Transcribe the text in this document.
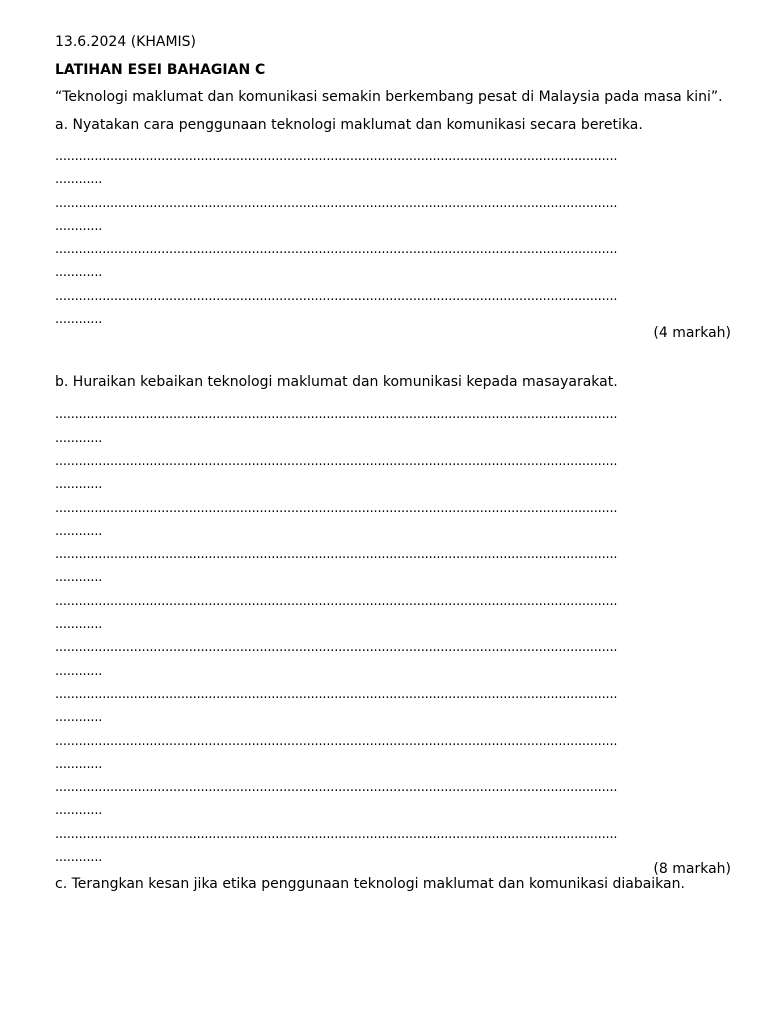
13.6.2024 (KHAMIS)

LATIHAN ESEI BAHAGIAN C

“Teknologi maklumat dan komunikasi semakin berkembang pesat di Malaysia pada masa kini”.

a. Nyatakan cara penggunaan teknologi maklumat dan komunikasi secara beretika.

...............................................................................................................................................
............
...............................................................................................................................................
............
...............................................................................................................................................
............
...............................................................................................................................................
............

(4 markah)

b. Huraikan kebaikan teknologi maklumat dan komunikasi kepada masayarakat.

...............................................................................................................................................
............
...............................................................................................................................................
............
...............................................................................................................................................
............
...............................................................................................................................................
............
...............................................................................................................................................
............
...............................................................................................................................................
............
...............................................................................................................................................
............
...............................................................................................................................................
............
...............................................................................................................................................
............
...............................................................................................................................................
............

(8 markah)

c. Terangkan kesan jika etika penggunaan teknologi maklumat dan komunikasi diabaikan.
